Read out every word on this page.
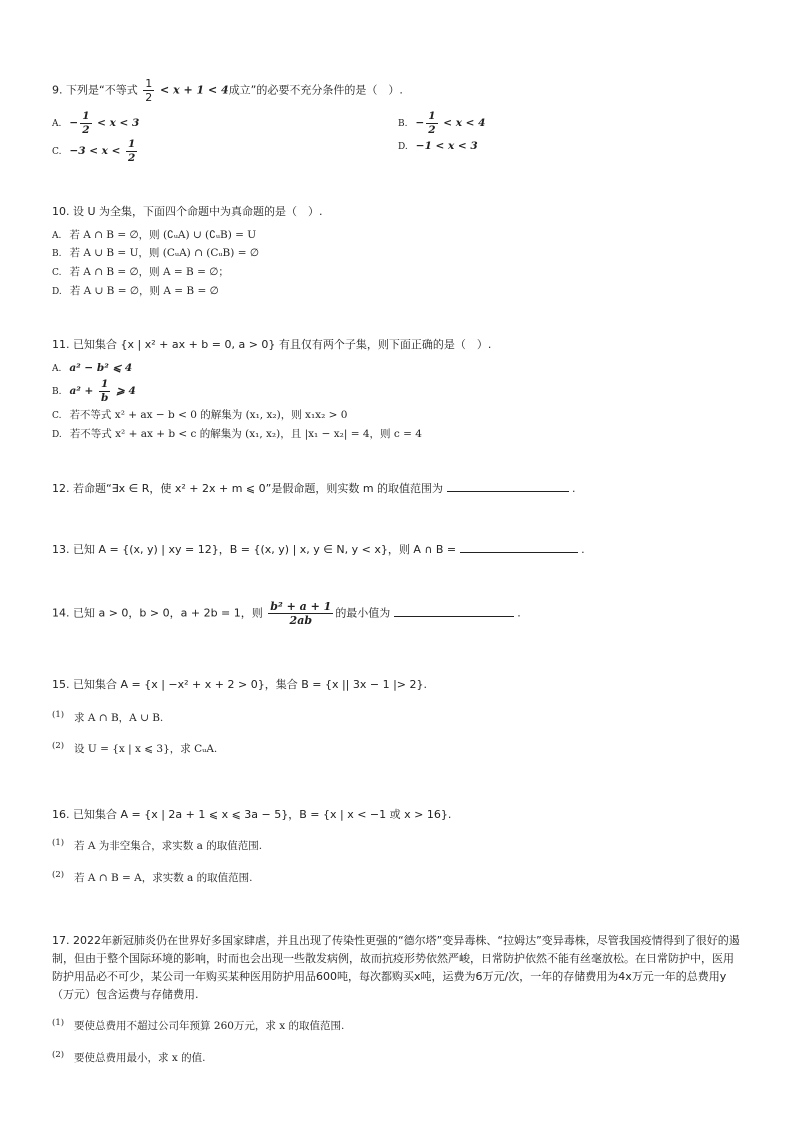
9. 下列是“不等式 $\frac{1}{2} < x + 1 < 4$成立”的必要不充分条件的是（　）.
A. − $\frac{1}{2} < x < 3$	B. − $\frac{1}{2} < x < 4$
C. $-3 < x < \frac{1}{2}$	D. −1 < x < 3
10. 设 U 为全集，下面四个命题中为真命题的是（　）.
A. 若 A ∩ B = ∅，则 (∁ᵤA) ∪ (∁ᵤB) = U
B. 若 A ∪ B = U，则 (CᵤA) ∩ (CᵤB) = ∅
C. 若 A ∩ B = ∅，则 A = B = ∅；
D. 若 A ∪ B = ∅，则 A = B = ∅
11. 已知集合 {x | x² + ax + b = 0, a > 0} 有且仅有两个子集，则下面正确的是（　）.
A. a² − b² ⩽ 4
B. $a^2 + \frac{1}{b}$ ⩾ 4
C. 若不等式 x² + ax − b < 0 的解集为 (x₁, x₂)，则 x₁x₂ > 0
D. 若不等式 x² + ax + b < c 的解集为 (x₁, x₂)，且 |x₁ − x₂| = 4，则 c = 4
12. 若命题“∃x ∈ R，使 x² + 2x + m ⩽ 0”是假命题，则实数 m 的取值范围为	.
13. 已知 A = {(x, y) | xy = 12}，B = {(x, y) | x, y ∈ N, y < x}，则 A ∩ B =	.
14. 已知 a > 0，b > 0，a + 2b = 1，则 $\frac{\text{b² + a + 1}}{2ab}$ 的最小值为	.
15. 已知集合 A = {x | −x² + x + 2 > 0}，集合 B = {x || 3x − 1 |> 2}.
$^{(1)}$ 求 A ∩ B，A ∪ B.
$^{(2)}$ 设 U = {x | x ⩽ 3}，求 CᵤA.
16. 已知集合 A = {x | 2a + 1 ⩽ x ⩽ 3a − 5}，B = {x | x < −1 或 x > 16}.
$^{(1)}$ 若 A 为非空集合，求实数 a 的取值范围.
$^{(2)}$ 若 A ∩ B = A，求实数 a 的取值范围.
17. 2022年新冠肺炎仍在世界好多国家肆虐，并且出现了传染性更强的“德尔塔”变异毒株、“拉姆达”变异毒株，尽管我国疫情得到了很好的遏制，但由于整个国际环境的影响，时而也会出现一些散发病例，故而抗疫形势依然严峻，日常防护依然不能有丝毫放松。在日常防护中，医用防护用品必不可少，某公司一年购买某种医用防护用品600吨，每次都购买x吨，运费为6万元/次，一年的存储费用为4x万元一年的总费用y（万元）包含运费与存储费用.
$^{(1)}$ 要使总费用不超过公司年预算 260万元，求 x 的取值范围.
$^{(2)}$ 要使总费用最小，求 x 的值.
